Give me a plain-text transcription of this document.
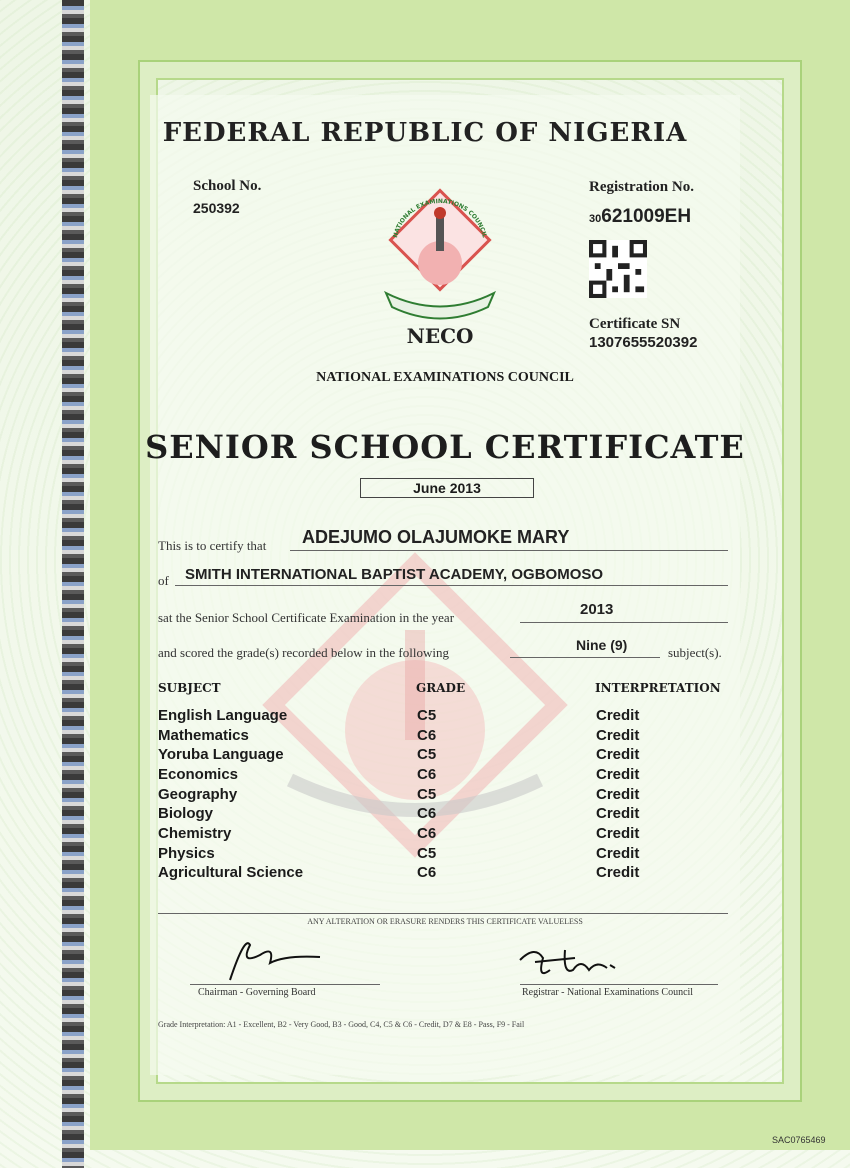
FEDERAL REPUBLIC OF NIGERIA
School No.
250392
Registration No.
30621009EH
Certificate SN
1307655520392
NATIONAL EXAMINATIONS COUNCIL
NECO
NATIONAL EXAMINATIONS COUNCIL
SENIOR SCHOOL CERTIFICATE
June 2013
This is to certify that ADEJUMO OLAJUMOKE MARY
of SMITH INTERNATIONAL BAPTIST ACADEMY, OGBOMOSO
sat the Senior School Certificate Examination in the year	2013
and scored the grade(s) recorded below in the following	Nine (9)	subject(s).
SUBJECT	GRADE	INTERPRETATION
English Language	C5	Credit
Mathematics	C6	Credit
Yoruba Language	C5	Credit
Economics	C6	Credit
Geography	C5	Credit
Biology	C6	Credit
Chemistry	C6	Credit
Physics	C5	Credit
Agricultural Science	C6	Credit
ANY ALTERATION OR ERASURE RENDERS THIS CERTIFICATE VALUELESS
Chairman - Governing Board	Registrar - National Examinations Council
Grade Interpretation: A1 - Excellent, B2 - Very Good, B3 - Good, C4, C5 & C6 - Credit, D7 & E8 - Pass, F9 - Fail
SAC0765469
